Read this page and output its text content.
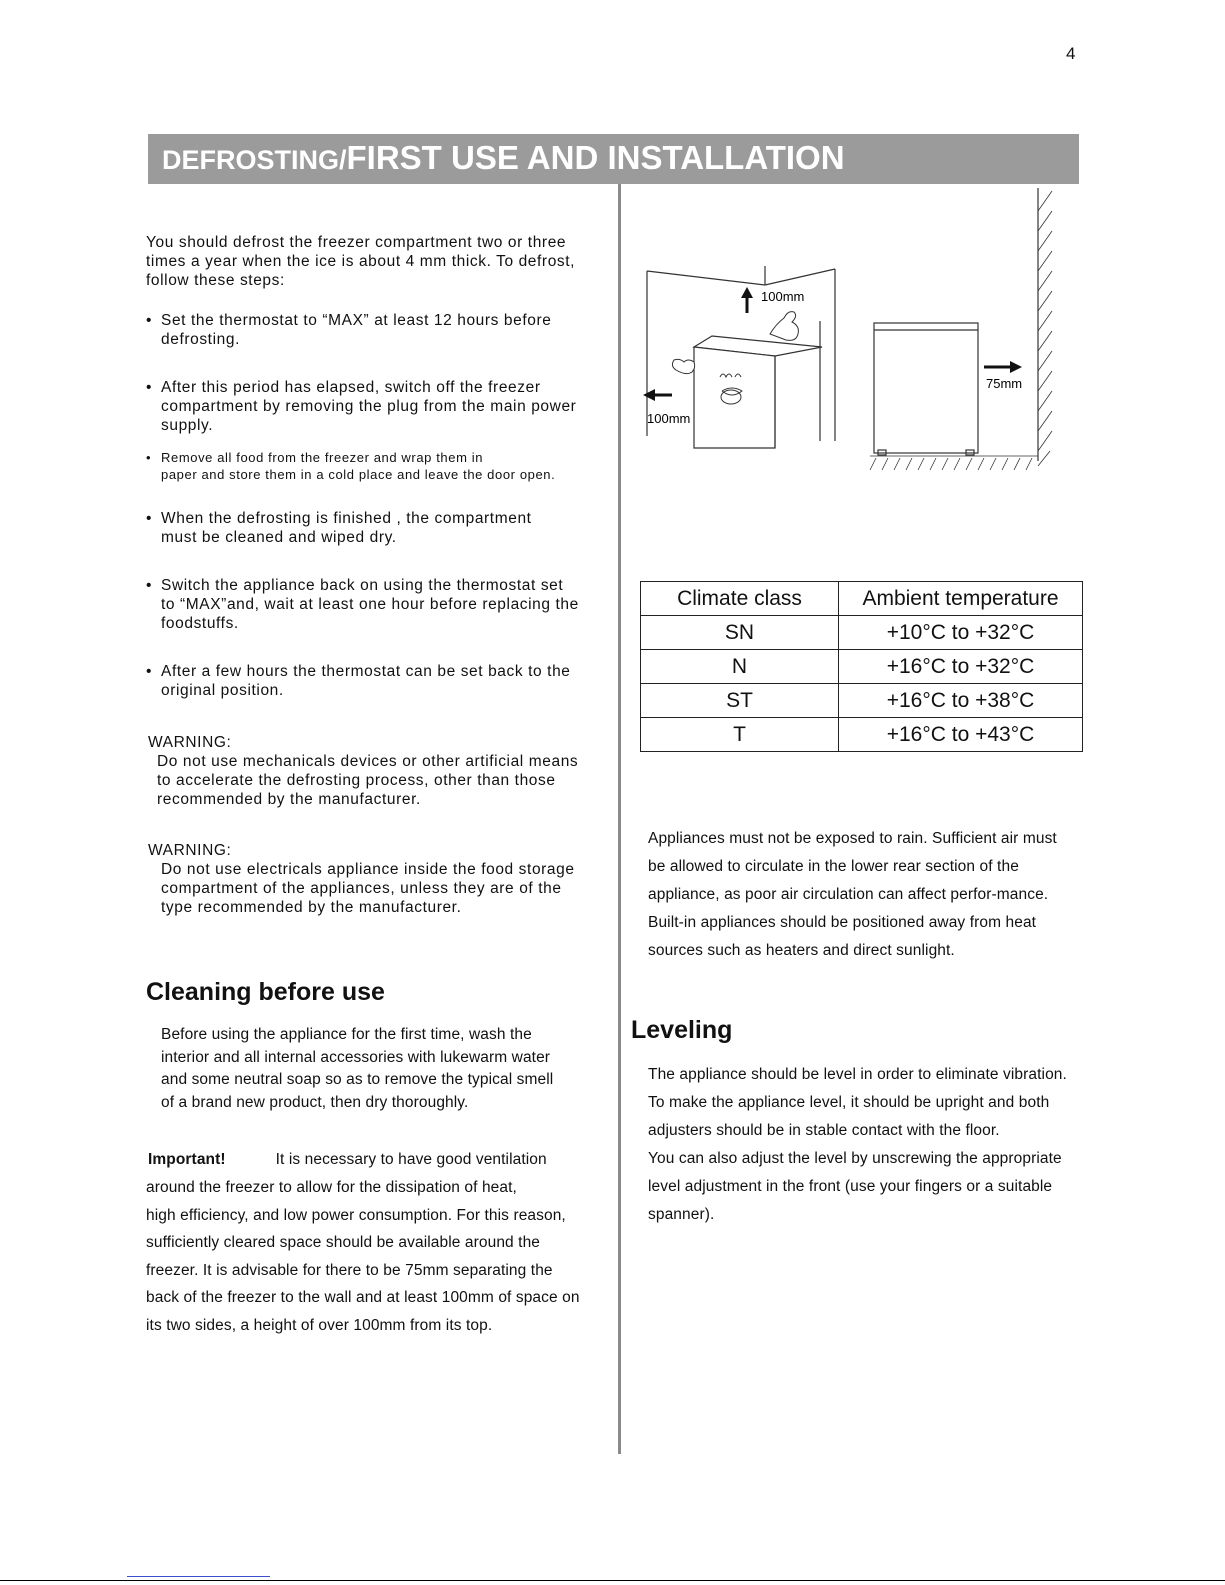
4
DEFROSTING/FIRST USE AND INSTALLATION
You should defrost the freezer compartment two or three
times a year when the ice is about 4 mm thick. To defrost,
follow these steps:
• Set the thermostat to “MAX” at least 12 hours before
defrosting.
• After this period has elapsed, switch off the freezer
compartment by removing the plug from the main power
supply.
• Remove all food from the freezer and wrap them in
paper and store them in a cold place and leave the door open.
• When the defrosting is finished , the compartment
must be cleaned and wiped dry.
• Switch the appliance back on using the thermostat set
to “MAX”and, wait at least one hour before replacing the
foodstuffs.
• After a few hours the thermostat can be set back to the
original position.
WARNING:
Do not use mechanicals devices or other artificial means
to accelerate the defrosting process, other than those
recommended by the manufacturer.
WARNING:
Do not use electricals appliance inside the food storage
compartment of the appliances, unless they are of the
type recommended by the manufacturer.
Cleaning before use
Before using the appliance for the first time, wash the
interior and all internal accessories with lukewarm water
and some neutral soap so as to remove the typical smell
of a brand new product, then dry thoroughly.
Important!	It is necessary to have good ventilation
around the freezer to allow for the dissipation of heat,
high efficiency, and low power consumption. For this reason,
sufficiently cleared space should be available around the
freezer. It is advisable for there to be 75mm separating the
back of the freezer to the wall and at least 100mm of space on
its two sides, a height of over 100mm from its top.
100mm
100mm
75mm
Climate class	Ambient temperature
SN	+10°C to +32°C
N	+16°C to +32°C
ST	+16°C to +38°C
T	+16°C to +43°C
Appliances must not be exposed to rain. Sufficient air must
be allowed to circulate in the lower rear section of the
appliance, as poor air circulation can affect perfor-mance.
Built-in appliances should be positioned away from heat
sources such as heaters and direct sunlight.
Leveling
The appliance should be level in order to eliminate vibration.
To make the appliance level, it should be upright and both
adjusters should be in stable contact with the floor.
You can also adjust the level by unscrewing the appropriate
level adjustment in the front (use your fingers or a suitable
spanner).
